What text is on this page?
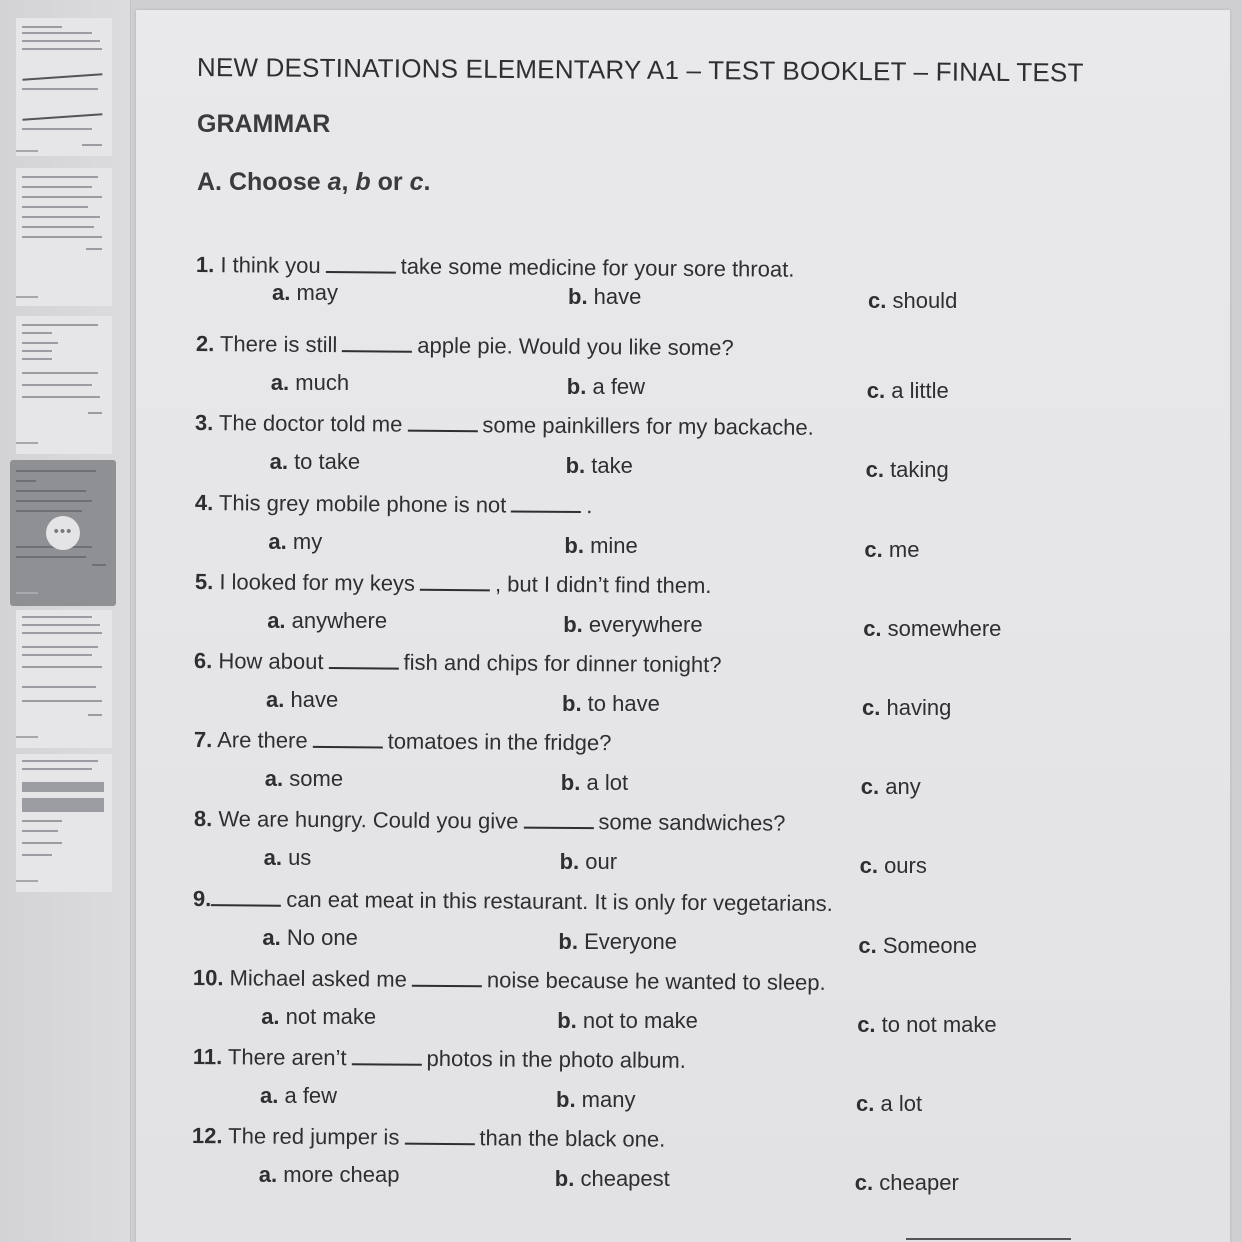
•••
NEW DESTINATIONS ELEMENTARY A1 – TEST BOOKLET – FINAL TEST
GRAMMAR
A. Choose a, b or c.
1. I think you	take some medicine for your sore throat.
a. may	b. have	c. should
2. There is still	apple pie. Would you like some?
a. much	b. a few	c. a little
3. The doctor told me	some painkillers for my backache.
a. to take	b. take	c. taking
4. This grey mobile phone is not	.
a. my	b. mine	c. me
5. I looked for my keys	, but I didn’t find them.
a. anywhere	b. everywhere	c. somewhere
6. How about	fish and chips for dinner tonight?
a. have	b. to have	c. having
7. Are there	tomatoes in the fridge?
a. some	b. a lot	c. any
8. We are hungry. Could you give	some sandwiches?
a. us	b. our	c. ours
9.	can eat meat in this restaurant. It is only for vegetarians.
a. No one	b. Everyone	c. Someone
10. Michael asked me	noise because he wanted to sleep.
a. not make	b. not to make	c. to not make
11. There aren’t	photos in the photo album.
a. a few	b. many	c. a lot
12. The red jumper is	than the black one.
a. more cheap	b. cheapest	c. cheaper
